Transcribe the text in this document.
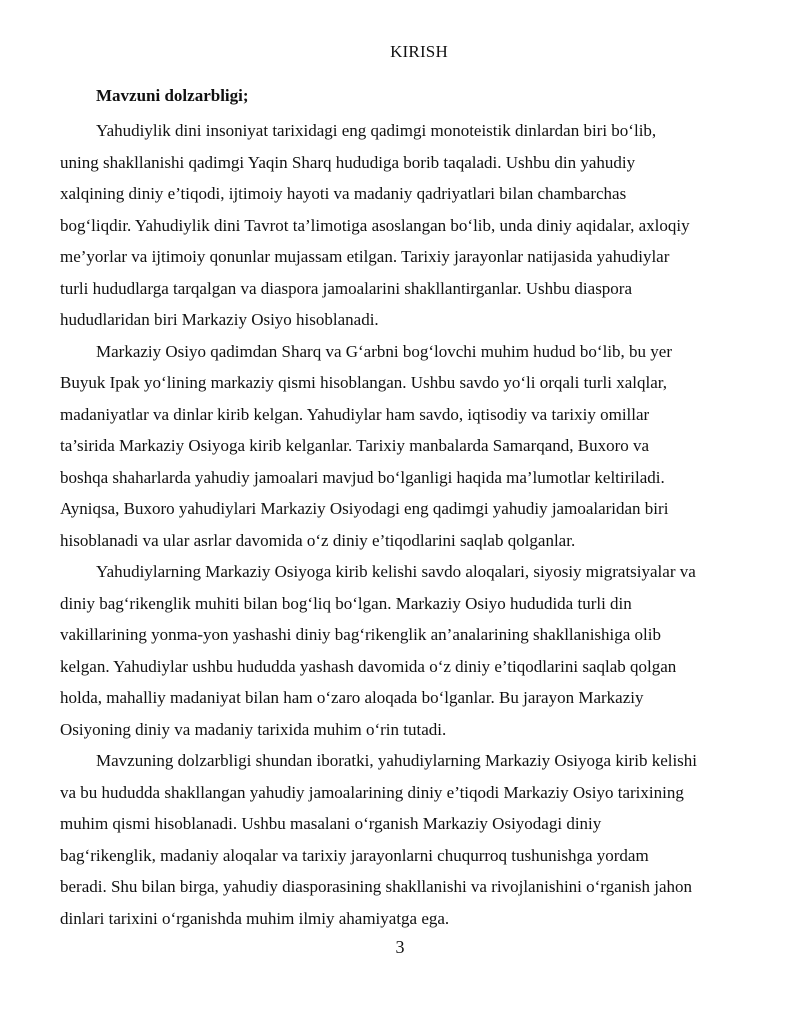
KIRISH
Mavzuni dolzarbligi;
Yahudiylik dini insoniyat tarixidagi eng qadimgi monoteistik dinlardan biri bo‘lib,
uning shakllanishi qadimgi Yaqin Sharq hududiga borib taqaladi. Ushbu din yahudiy
xalqining diniy e’tiqodi, ijtimoiy hayoti va madaniy qadriyatlari bilan chambarchas
bog‘liqdir. Yahudiylik dini Tavrot ta’limotiga asoslangan bo‘lib, unda diniy aqidalar, axloqiy
me’yorlar va ijtimoiy qonunlar mujassam etilgan. Tarixiy jarayonlar natijasida yahudiylar
turli hududlarga tarqalgan va diaspora jamoalarini shakllantirganlar. Ushbu diaspora
hududlaridan biri Markaziy Osiyo hisoblanadi.
Markaziy Osiyo qadimdan Sharq va G‘arbni bog‘lovchi muhim hudud bo‘lib, bu yer
Buyuk Ipak yo‘lining markaziy qismi hisoblangan. Ushbu savdo yo‘li orqali turli xalqlar,
madaniyatlar va dinlar kirib kelgan. Yahudiylar ham savdo, iqtisodiy va tarixiy omillar
ta’sirida Markaziy Osiyoga kirib kelganlar. Tarixiy manbalarda Samarqand, Buxoro va
boshqa shaharlarda yahudiy jamoalari mavjud bo‘lganligi haqida ma’lumotlar keltiriladi.
Ayniqsa, Buxoro yahudiylari Markaziy Osiyodagi eng qadimgi yahudiy jamoalaridan biri
hisoblanadi va ular asrlar davomida o‘z diniy e’tiqodlarini saqlab qolganlar.
Yahudiylarning Markaziy Osiyoga kirib kelishi savdo aloqalari, siyosiy migratsiyalar va
diniy bag‘rikenglik muhiti bilan bog‘liq bo‘lgan. Markaziy Osiyo hududida turli din
vakillarining yonma-yon yashashi diniy bag‘rikenglik an’analarining shakllanishiga olib
kelgan. Yahudiylar ushbu hududda yashash davomida o‘z diniy e’tiqodlarini saqlab qolgan
holda, mahalliy madaniyat bilan ham o‘zaro aloqada bo‘lganlar. Bu jarayon Markaziy
Osiyoning diniy va madaniy tarixida muhim o‘rin tutadi.
Mavzuning dolzarbligi shundan iboratki, yahudiylarning Markaziy Osiyoga kirib kelishi
va bu hududda shakllangan yahudiy jamoalarining diniy e’tiqodi Markaziy Osiyo tarixining
muhim qismi hisoblanadi. Ushbu masalani o‘rganish Markaziy Osiyodagi diniy
bag‘rikenglik, madaniy aloqalar va tarixiy jarayonlarni chuqurroq tushunishga yordam
beradi. Shu bilan birga, yahudiy diasporasining shakllanishi va rivojlanishini o‘rganish jahon
dinlari tarixini o‘rganishda muhim ilmiy ahamiyatga ega.
3
